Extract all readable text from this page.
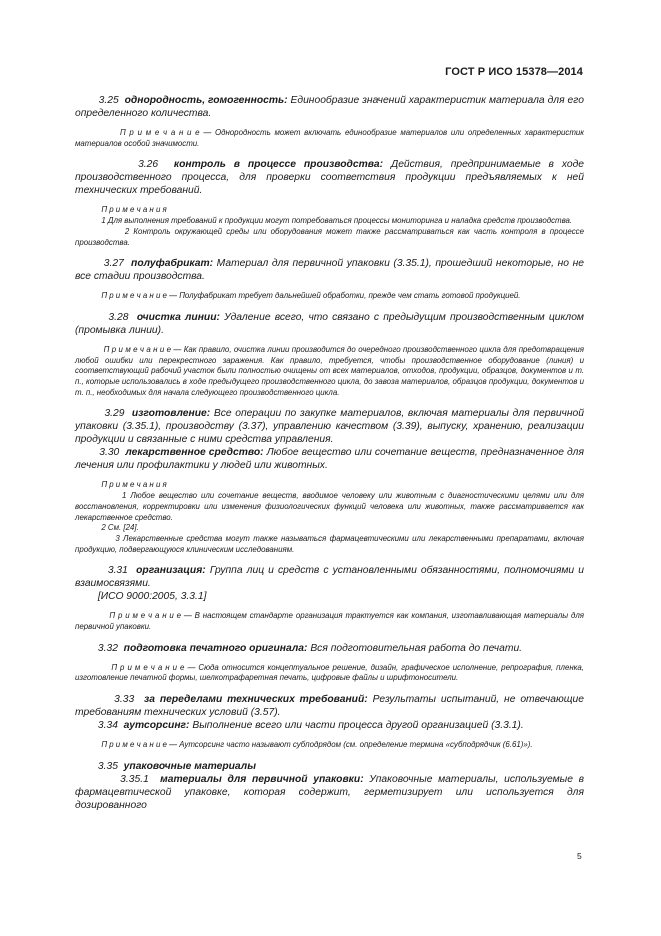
ГОСТ Р ИСО 15378—2014

3.25 однородность, гомогенность: Единообразие значений характеристик материала для его определенного количества.

П р и м е ч а н и е — Однородность может включать единообразие материалов или определенных характеристик материалов особой значимости.

3.26 контроль в процессе производства: Действия, предпринимаемые в ходе производственного процесса, для проверки соответствия продукции предъявляемых к ней технических требований.

П р и м е ч а н и я

1 Для выполнения требований к продукции могут потребоваться процессы мониторинга и наладка средств производства.

2 Контроль окружающей среды или оборудования может также рассматриваться как часть контроля в процессе производства.

3.27 полуфабрикат: Материал для первичной упаковки (3.35.1), прошедший некоторые, но не все стадии производства.

П р и м е ч а н и е — Полуфабрикат требует дальнейшей обработки, прежде чем стать готовой продукцией.

3.28 очистка линии: Удаление всего, что связано с предыдущим производственным циклом (промывка линии).

П р и м е ч а н и е — Как правило, очистка линии производится до очередного производственного цикла для предотвращения любой ошибки или перекрестного заражения. Как правило, требуется, чтобы производственное оборудование (линия) и соответствующий рабочий участок были полностью очищены от всех материалов, отходов, продукции, образцов, документов и т. п., которые использовались в ходе предыдущего производственного цикла, до завоза материалов, образцов продукции, документов и т. п., необходимых для начала следующего производственного цикла.

3.29 изготовление: Все операции по закупке материалов, включая материалы для первичной упаковки (3.35.1), производству (3.37), управлению качеством (3.39), выпуску, хранению, реализации продукции и связанные с ними средства управления.

3.30 лекарственное средство: Любое вещество или сочетание веществ, предназначенное для лечения или профилактики у людей или животных.

П р и м е ч а н и я

1 Любое вещество или сочетание веществ, вводимое человеку или животным с диагностическими целями или для восстановления, корректировки или изменения физиологических функций человека или животных, также рассматривается как лекарственное средство.

2 См. [24].

3 Лекарственные средства могут также называться фармацевтическими или лекарственными препаратами, включая продукцию, подвергающуюся клиническим исследованиям.

3.31 организация: Группа лиц и средств с установленными обязанностями, полномочиями и взаимосвязями.

[ИСО 9000:2005, 3.3.1]

П р и м е ч а н и е — В настоящем стандарте организация трактуется как компания, изготавливающая материалы для первичной упаковки.

3.32 подготовка печатного оригинала: Вся подготовительная работа до печати.

П р и м е ч а н и е — Сюда относится концептуальное решение, дизайн, графическое исполнение, репрография, пленка, изготовление печатной формы, шелкотрафаретная печать, цифровые файлы и шрифтоносители.

3.33 за переделами технических требований: Результаты испытаний, не отвечающие требованиям технических условий (3.57).

3.34 аутсорсинг: Выполнение всего или части процесса другой организацией (3.3.1).

П р и м е ч а н и е — Аутсорсинг часто называют субподрядом (см. определение термина «субподрядчик (6.61)»).

3.35 упаковочные материалы

3.35.1 материалы для первичной упаковки: Упаковочные материалы, используемые в фармацевтической упаковке, которая содержит, герметизирует или используется для дозированного

5
